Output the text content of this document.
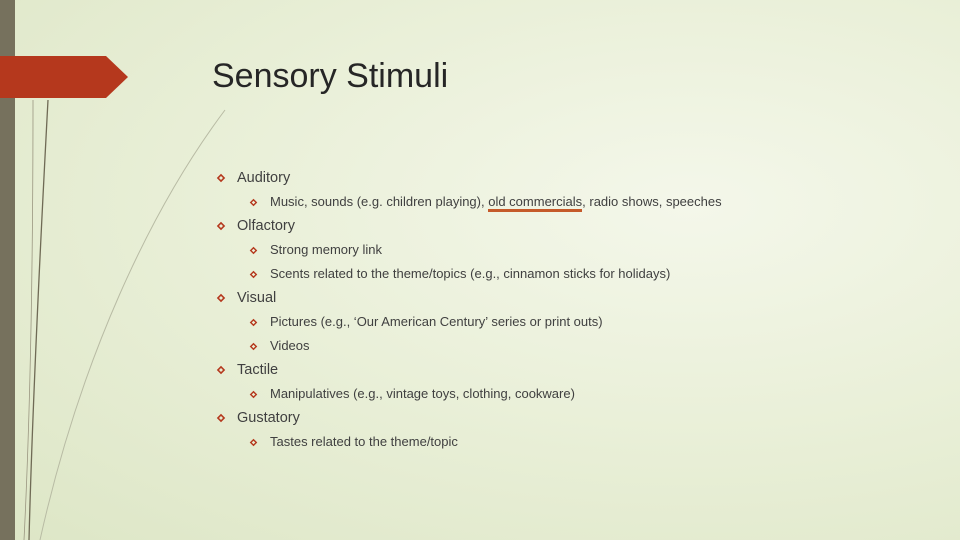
Sensory Stimuli
Auditory
Music, sounds (e.g. children playing), old commercials, radio shows, speeches
Olfactory
Strong memory link
Scents related to the theme/topics (e.g., cinnamon sticks for holidays)
Visual
Pictures (e.g., ‘Our American Century’ series or print outs)
Videos
Tactile
Manipulatives (e.g., vintage toys, clothing, cookware)
Gustatory
Tastes related to the theme/topic
